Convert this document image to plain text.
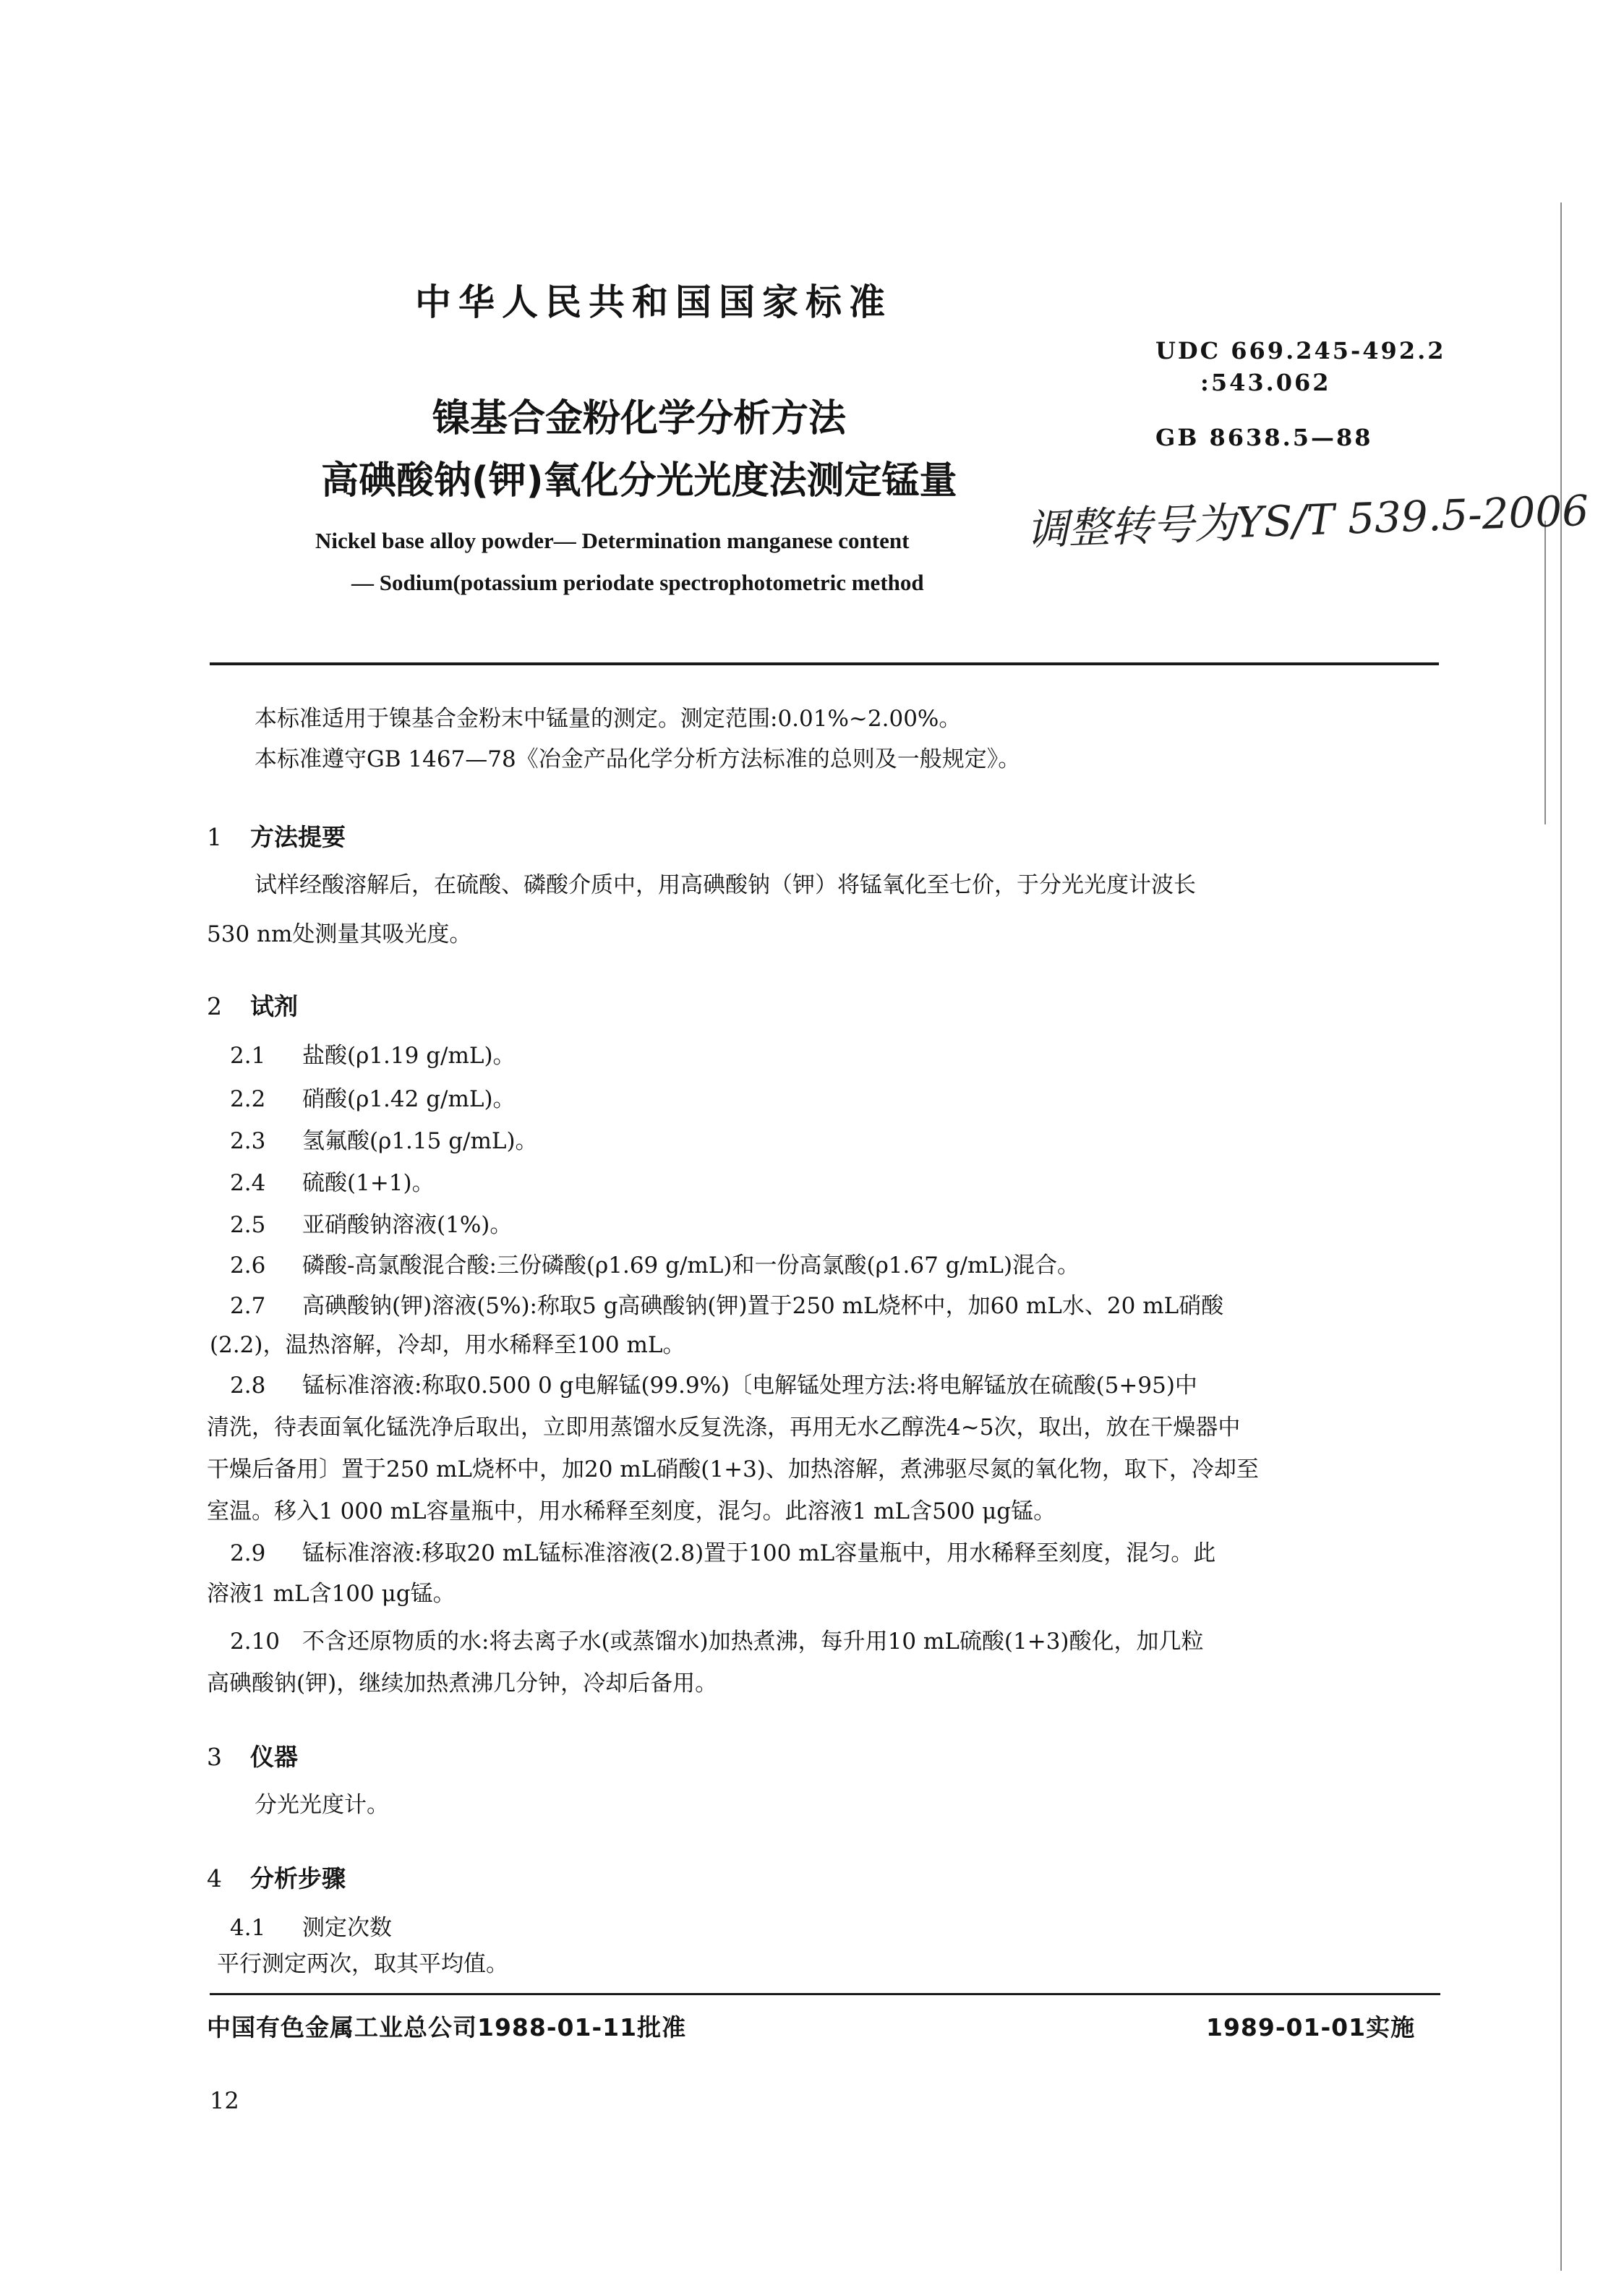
中华人民共和国国家标准
UDC 669.245-492.2
:543.062
GB 8638.5—88
镍基合金粉化学分析方法
高碘酸钠(钾)氧化分光光度法测定锰量
Nickel base alloy powder— Determination manganese content
— Sodium(potassium periodate spectrophotometric method
调整转号为YS/T 539.5-2006
本标准适用于镍基合金粉末中锰量的测定。测定范围:0.01%~2.00%。
本标准遵守GB 1467—78《冶金产品化学分析方法标准的总则及一般规定》。
1 方法提要
试样经酸溶解后，在硫酸、磷酸介质中，用高碘酸钠（钾）将锰氧化至七价，于分光光度计波长
530 nm处测量其吸光度。
2 试剂
2.1 盐酸(ρ1.19 g/mL)。
2.2 硝酸(ρ1.42 g/mL)。
2.3 氢氟酸(ρ1.15 g/mL)。
2.4 硫酸(1+1)。
2.5 亚硝酸钠溶液(1%)。
2.6 磷酸-高氯酸混合酸:三份磷酸(ρ1.69 g/mL)和一份高氯酸(ρ1.67 g/mL)混合。
2.7 高碘酸钠(钾)溶液(5%):称取5 g高碘酸钠(钾)置于250 mL烧杯中，加60 mL水、20 mL硝酸
(2.2)，温热溶解，冷却，用水稀释至100 mL。
2.8 锰标准溶液:称取0.500 0 g电解锰(99.9%)〔电解锰处理方法:将电解锰放在硫酸(5+95)中
清洗，待表面氧化锰洗净后取出，立即用蒸馏水反复洗涤，再用无水乙醇洗4~5次，取出，放在干燥器中
干燥后备用〕置于250 mL烧杯中，加20 mL硝酸(1+3)、加热溶解，煮沸驱尽氮的氧化物，取下，冷却至
室温。移入1 000 mL容量瓶中，用水稀释至刻度，混匀。此溶液1 mL含500 μg锰。
2.9 锰标准溶液:移取20 mL锰标准溶液(2.8)置于100 mL容量瓶中，用水稀释至刻度，混匀。此
溶液1 mL含100 μg锰。
2.10 不含还原物质的水:将去离子水(或蒸馏水)加热煮沸，每升用10 mL硫酸(1+3)酸化，加几粒
高碘酸钠(钾)，继续加热煮沸几分钟，冷却后备用。
3 仪器
分光光度计。
4 分析步骤
4.1 测定次数
平行测定两次，取其平均值。
中国有色金属工业总公司1988-01-11批准	1989-01-01实施
12
